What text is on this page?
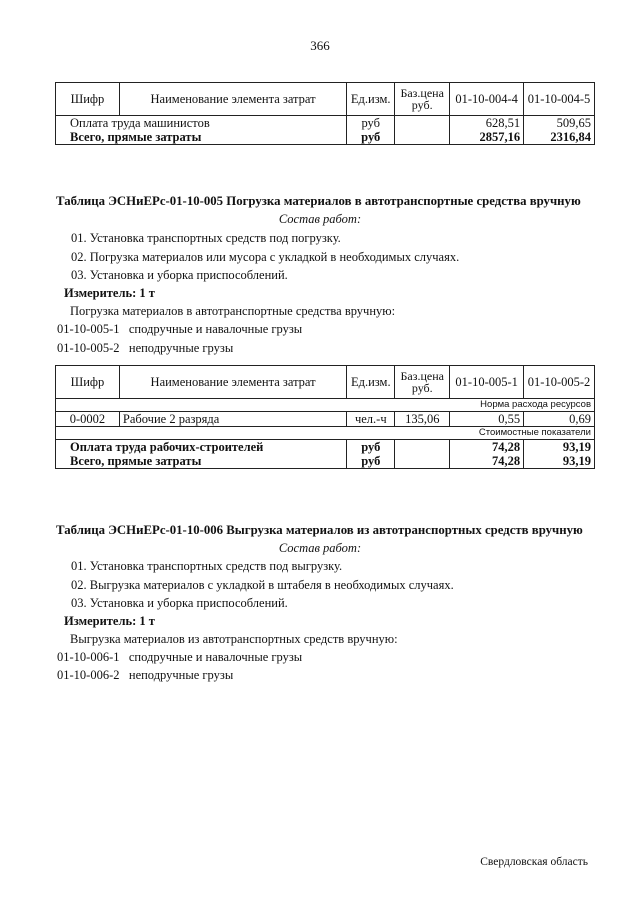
366
Шифр	Наименование элемента затрат	Ед.изм.	Баз.цена руб.	01-10-004-4	01-10-004-5
Оплата труда машинистов		руб		628,51	509,65
Всего, прямые затраты		руб		2857,16	2316,84
Таблица ЭСНиЕРс-01-10-005 Погрузка материалов в автотранспортные средства вручную
Состав работ:
01. Установка транспортных средств под погрузку.
02. Погрузка материалов или мусора с укладкой в необходимых случаях.
03. Установка и уборка приспособлений.
Измеритель: 1 т
Погрузка материалов в автотранспортные средства вручную:
01-10-005-1 сподручные и навалочные грузы
01-10-005-2 неподручные грузы
Шифр	Наименование элемента затрат	Ед.изм.	Баз.цена руб.	01-10-005-1	01-10-005-2
Норма расхода ресурсов					
0-0002	Рабочие 2 разряда	чел.-ч	135,06	0,55	0,69
Стоимостные показатели					
Оплата труда рабочих-строителей		руб		74,28	93,19
Всего, прямые затраты		руб		74,28	93,19
Таблица ЭСНиЕРс-01-10-006 Выгрузка материалов из автотранспортных средств вручную
Состав работ:
01. Установка транспортных средств под выгрузку.
02. Выгрузка материалов с укладкой в штабеля в необходимых случаях.
03. Установка и уборка приспособлений.
Измеритель: 1 т
Выгрузка материалов из автотранспортных средств вручную:
01-10-006-1 сподручные и навалочные грузы
01-10-006-2 неподручные грузы
Свердловская область
